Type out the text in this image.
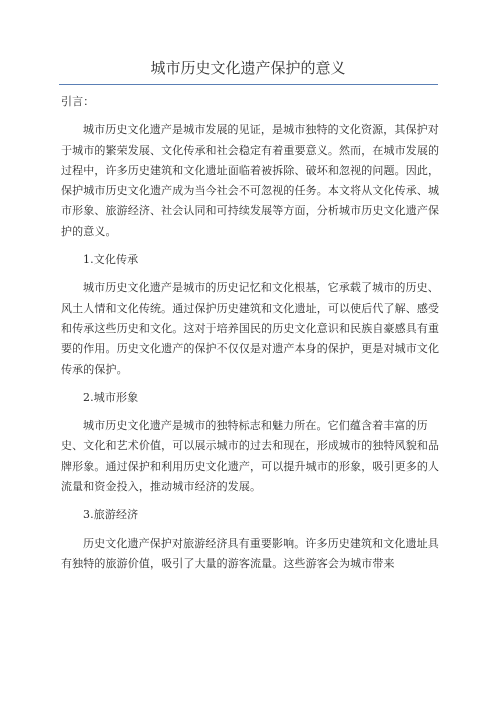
城市历史文化遗产保护的意义

引言：

城市历史文化遗产是城市发展的见证，是城市独特的文化资源，其保护对于城市的繁荣发展、文化传承和社会稳定有着重要意义。然而，在城市发展的过程中，许多历史建筑和文化遗址面临着被拆除、破坏和忽视的问题。因此，保护城市历史文化遗产成为当今社会不可忽视的任务。本文将从文化传承、城市形象、旅游经济、社会认同和可持续发展等方面，分析城市历史文化遗产保护的意义。

1.文化传承

城市历史文化遗产是城市的历史记忆和文化根基，它承载了城市的历史、风土人情和文化传统。通过保护历史建筑和文化遗址，可以使后代了解、感受和传承这些历史和文化。这对于培养国民的历史文化意识和民族自豪感具有重要的作用。历史文化遗产的保护不仅仅是对遗产本身的保护，更是对城市文化传承的保护。

2.城市形象

城市历史文化遗产是城市的独特标志和魅力所在。它们蕴含着丰富的历史、文化和艺术价值，可以展示城市的过去和现在，形成城市的独特风貌和品牌形象。通过保护和利用历史文化遗产，可以提升城市的形象，吸引更多的人流量和资金投入，推动城市经济的发展。

3.旅游经济

历史文化遗产保护对旅游经济具有重要影响。许多历史建筑和文化遗址具有独特的旅游价值，吸引了大量的游客流量。这些游客会为城市带来
